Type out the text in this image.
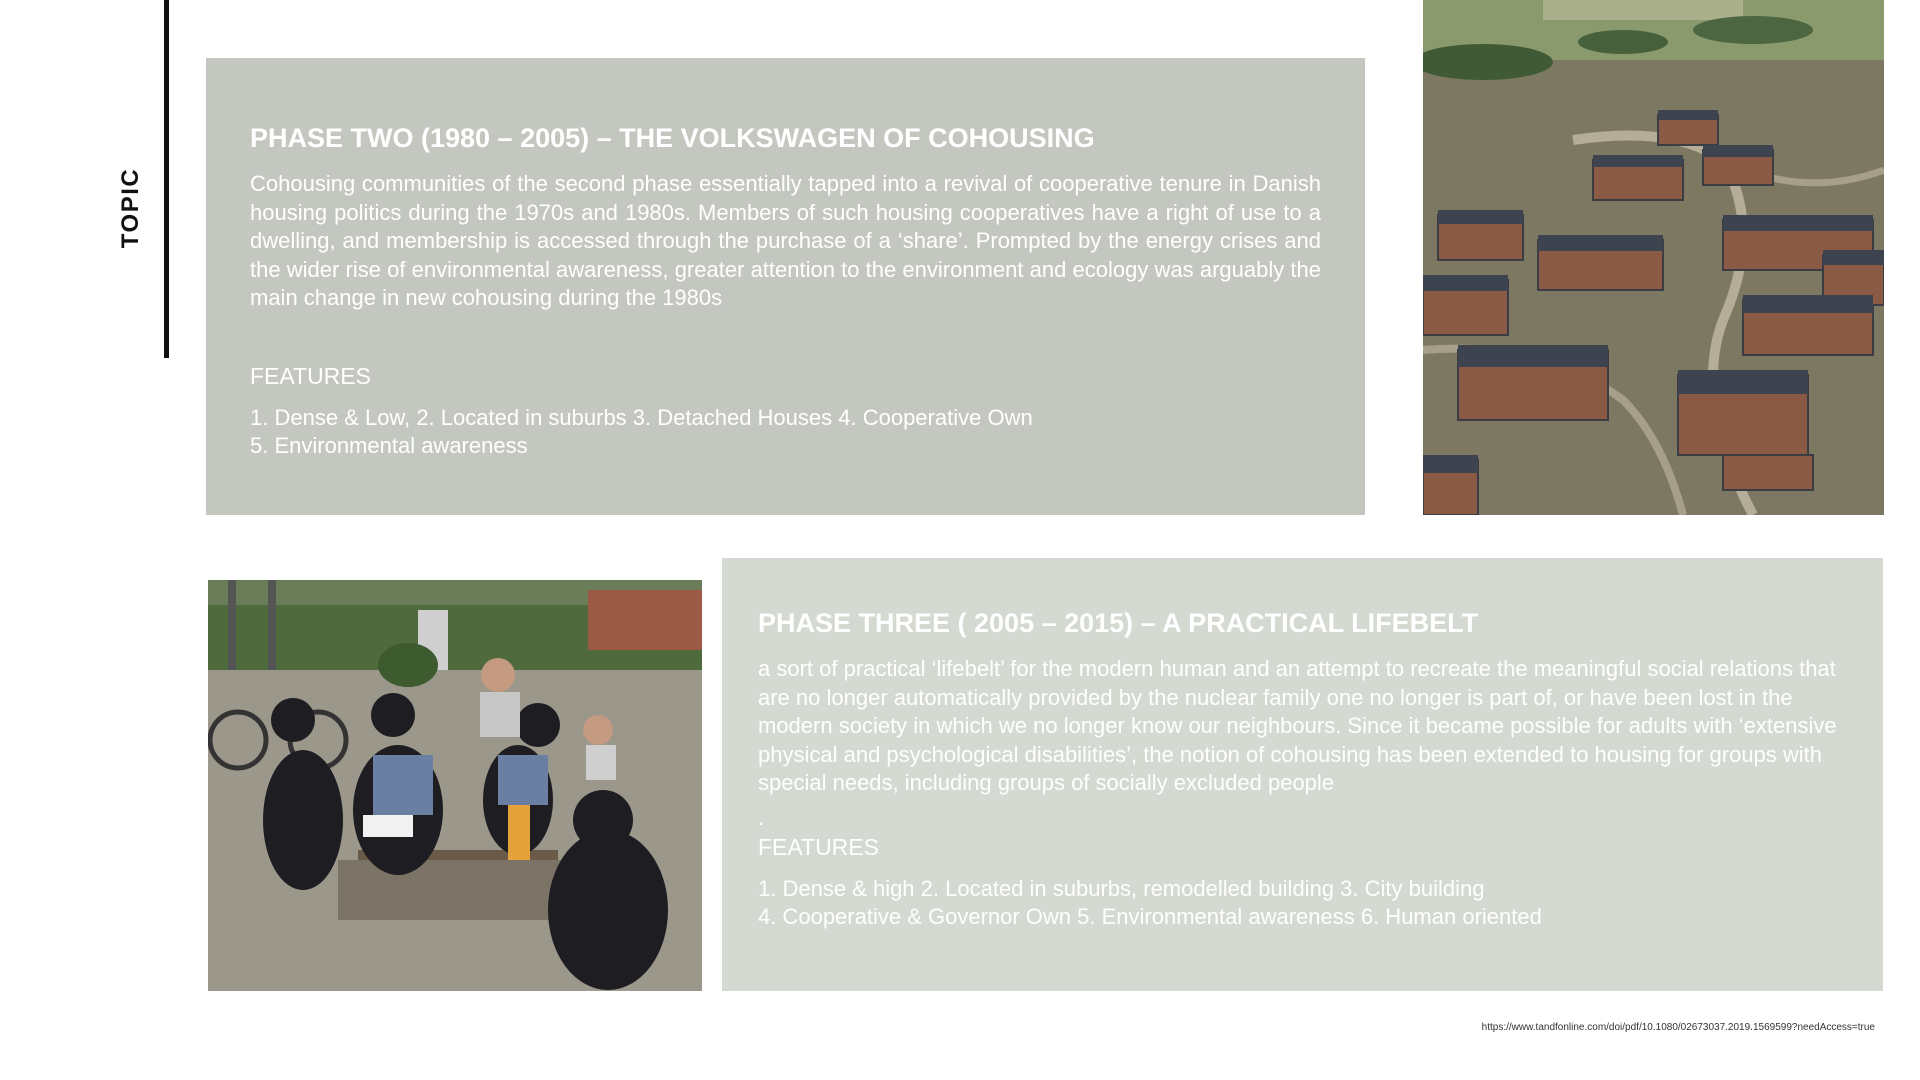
TOPIC
PHASE TWO (1980 – 2005) – THE VOLKSWAGEN OF COHOUSING

Cohousing communities of the second phase essentially tapped into a revival of cooperative tenure in Danish housing politics during the 1970s and 1980s. Members of such housing cooperatives have a right of use to a dwelling, and membership is accessed through the purchase of a ‘share’. Prompted by the energy crises and the wider rise of environmental awareness, greater attention to the environment and ecology was arguably the main change in new cohousing during the 1980s

FEATURES

1. Dense & Low, 2. Located in suburbs 3. Detached Houses 4. Cooperative Own

5. Environmental awareness

PHASE THREE ( 2005 – 2015) – A PRACTICAL LIFEBELT

a sort of practical ‘lifebelt’ for the modern human and an attempt to recreate the meaningful social relations that are no longer automatically provided by the nuclear family one no longer is part of, or have been lost in the modern society in which we no longer know our neighbours. Since it became possible for adults with ‘extensive physical and psychological disabilities’, the notion of cohousing has been extended to housing for groups with special needs, including groups of socially excluded people

.
FEATURES

1. Dense & high 2. Located in suburbs, remodelled building 3. City building

4. Cooperative & Governor Own 5. Environmental awareness 6. Human oriented

https://www.tandfonline.com/doi/pdf/10.1080/02673037.2019.1569599?needAccess=true
